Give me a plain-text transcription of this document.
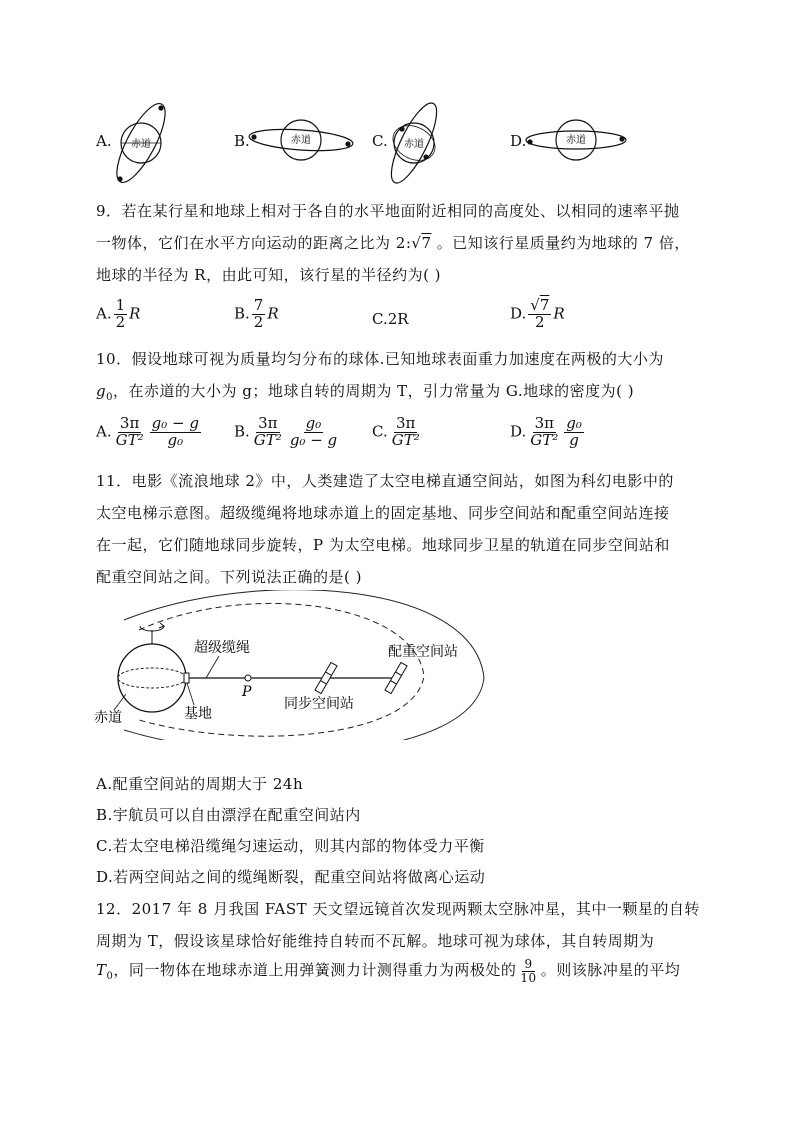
A. 赤道	B.	赤道	C. 赤道	D.	赤道
9．若在某行星和地球上相对于各自的水平地面附近相同的高度处、以相同的速率平抛
一物体，它们在水平方向运动的距离之比为 2:√7 。已知该行星质量约为地球的 7 倍，
地球的半径为 R，由此可知，该行星的半径约为( )
A. $\frac{1}{2}$ R	B. $\frac{7}{2}$ R	C.2R	D. $\frac{√7}{2}$ R
10．假设地球可视为质量均匀分布的球体.已知地球表面重力加速度在两极的大小为
$g_0$，在赤道的大小为 g；地球自转的周期为 T，引力常量为 G.地球的密度为( )
A. $\frac{3\pi}{\text{GT²}} \frac{\text{g₀ − g}}{\text{g₀}} B$. $\frac{3\pi}{\text{GT²}} \frac{\text{g₀}}{\text{g₀ − g}} C$. $\frac{3\pi}{\text{GT²}}$	D. $\frac{3\pi}{\text{GT²}} \frac{\text{g₀}}{g}$
11．电影《流浪地球 2》中，人类建造了太空电梯直通空间站，如图为科幻电影中的
太空电梯示意图。超级缆绳将地球赤道上的固定基地、同步空间站和配重空间站连接
在一起，它们随地球同步旋转，P 为太空电梯。地球同步卫星的轨道在同步空间站和
配重空间站之间。下列说法正确的是( )
超级缆绳	配重空间站
P
同步空间站
赤道	基地
A.配重空间站的周期大于 24h
B.宇航员可以自由漂浮在配重空间站内
C.若太空电梯沿缆绳匀速运动，则其内部的物体受力平衡
D.若两空间站之间的缆绳断裂，配重空间站将做离心运动
12．2017 年 8 月我国 FAST 天文望远镜首次发现两颗太空脉冲星，其中一颗星的自转
周期为 T，假设该星球恰好能维持自转而不瓦解。地球可视为球体，其自转周期为
$T_0$，同一物体在地球赤道上用弹簧测力计测得重力为两极处的 $\frac{9}{10}$ 。则该脉冲星的平均
